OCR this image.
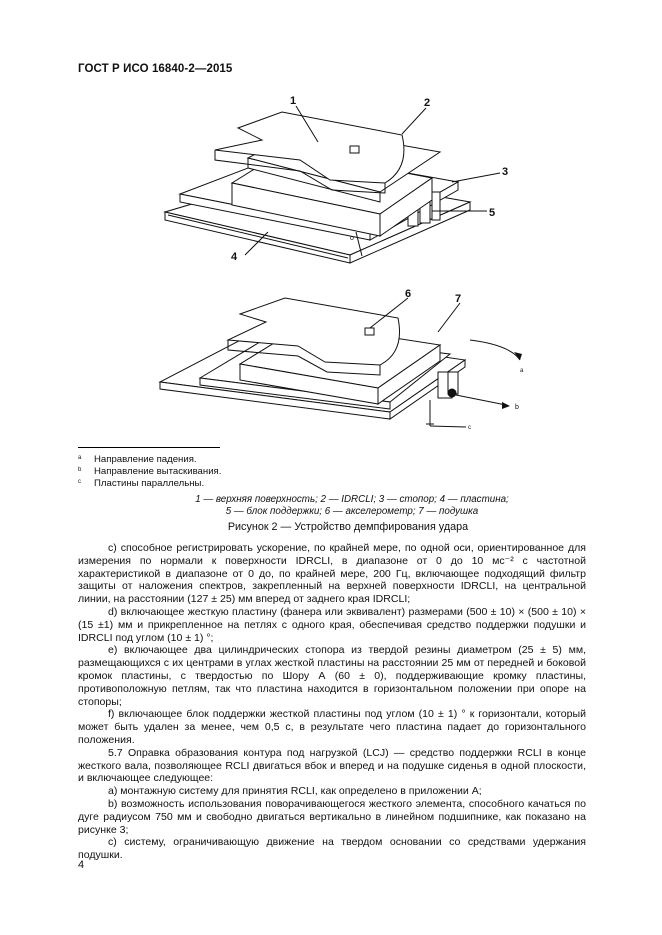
ГОСТ Р ИСО 16840-2—2015
о
1	2
3
4
5
6	7
a
b
c
$^a$ Направление падения.
$^b$ Направление вытаскивания.
$^c$ Пластины параллельны.
1 — верхняя поверхность; 2 — IDRCLI; 3 — стопор; 4 — пластина;
5 — блок поддержки; 6 — акселерометр; 7 — подушка
Рисунок 2 — Устройство демпфирования удара

с) способное регистрировать ускорение, по крайней мере, по одной оси, ориентированное для измерения по нормали к поверхности IDRCLI, в диапазоне от 0 до 10 мс⁻² с частотной характеристикой в диапазоне от 0 до, по крайней мере, 200 Гц, включающее подходящий фильтр защиты от наложения спектров, закрепленный на верхней поверхности IDRCLI, на центральной линии, на расстоянии (127 ± 25) мм вперед от заднего края IDRCLI;

d) включающее жесткую пластину (фанера или эквивалент) размерами (500 ± 10) × (500 ± 10) × (15 ±1) мм и прикрепленное на петлях с одного края, обеспечивая средство поддержки подушки и IDRCLI под углом (10 ± 1) °;

е) включающее два цилиндрических стопора из твердой резины диаметром (25 ± 5) мм, размещающихся с их центрами в углах жесткой пластины на расстоянии 25 мм от передней и боковой кромок пластины, с твердостью по Шору А (60 ± 0), поддерживающие кромку пластины, противоположную петлям, так что пластина находится в горизонтальном положении при опоре на стопоры;

f) включающее блок поддержки жесткой пластины под углом (10 ± 1) ° к горизонтали, который может быть удален за менее, чем 0,5 с, в результате чего пластина падает до горизонтального положения.

5.7 Оправка образования контура под нагрузкой (LCJ) — средство поддержки RCLI в конце жесткого вала, позволяющее RCLI двигаться вбок и вперед и на подушке сиденья в одной плоскости, и включающее следующее:

а) монтажную систему для принятия RCLI, как определено в приложении А;

b) возможность использования поворачивающегося жесткого элемента, способного качаться по дуге радиусом 750 мм и свободно двигаться вертикально в линейном подшипнике, как показано на рисунке 3;

с) систему, ограничивающую движение на твердом основании со средствами удержания подушки.

4
